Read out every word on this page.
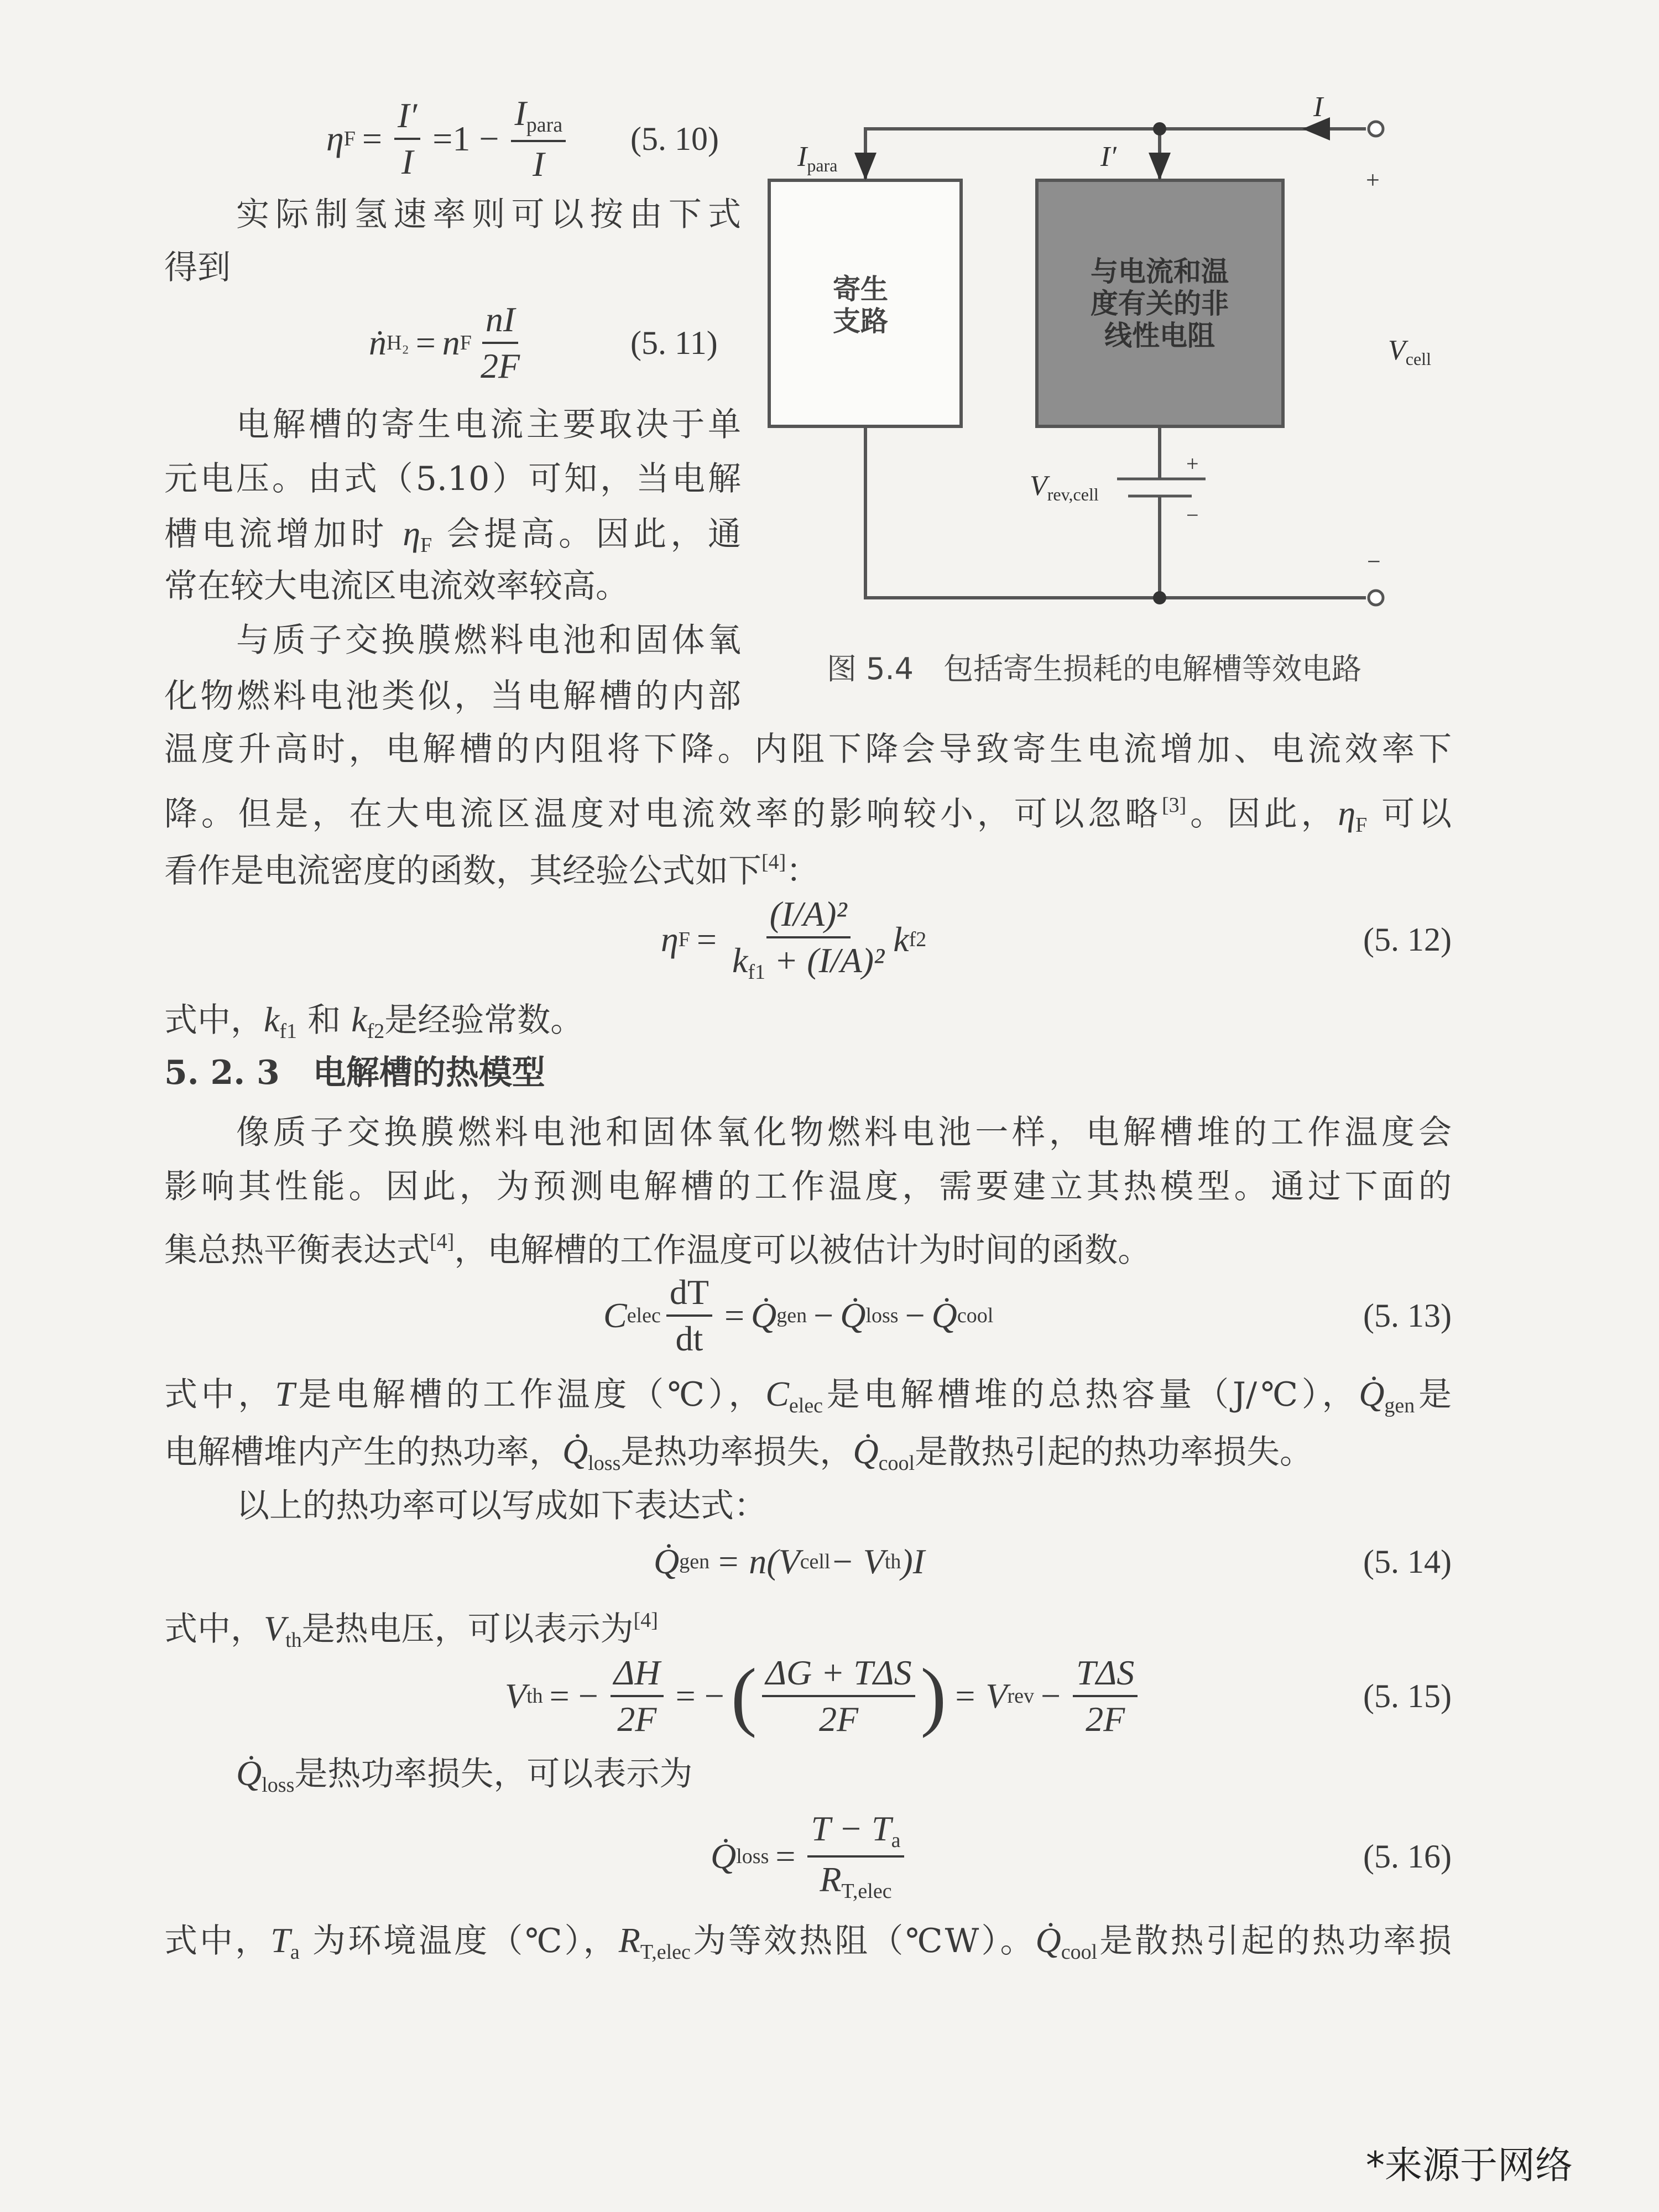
I
Ipara	I′
+
Vcell
−
Vrev,cell
+
−
寄生
支路
与电流和温
度有关的非
线性电阻
图 5.4　包括寄生损耗的电解槽等效电路
η $F = \frac{I'}{I} =1 - \frac{\text{Ipara}}{I} (5$. 10)
ṅ H₂ = n F $\frac{nI}{2F}$	(5. 11)
η $F = \frac{\text{(I/A)²}}{\text{kf1 + (I/A)²}}$ k f2	(5. 12)
C elec $\frac{dT}{dt}$ = Q̇ gen − Q̇ loss − Q̇ cool	(5. 13)
Q̇ gen = n(V cell − V th )I	(5. 14)
V th = − $\frac{\Delta H}{2F}$ = − ( $\frac{\text{ΔG + TΔS}}{2F}$ ) = V rev − $\frac{\text{TΔS}}{2F}$	(5. 15)
Q̇ loss = $\frac{T - Ta}{\text{RT,elec}}$	(5. 16)
实际制氢速率则可以按由下式
得到
电解槽的寄生电流主要取决于单
元电压。由式（5.10）可知，当电解
槽电流增加时 ηF 会提高。因此，通
常在较大电流区电流效率较高。
与质子交换膜燃料电池和固体氧
化物燃料电池类似，当电解槽的内部
温度升高时，电解槽的内阻将下降。内阻下降会导致寄生电流增加、电流效率下
降。但是，在大电流区温度对电流效率的影响较小，可以忽略[3]。因此，ηF 可以
看作是电流密度的函数，其经验公式如下[4]：
式中，kf1 和 kf2是经验常数。
5. 2. 3　电解槽的热模型
像质子交换膜燃料电池和固体氧化物燃料电池一样，电解槽堆的工作温度会
影响其性能。因此，为预测电解槽的工作温度，需要建立其热模型。通过下面的
集总热平衡表达式[4]，电解槽的工作温度可以被估计为时间的函数。
式中，T是电解槽的工作温度（℃），Celec是电解槽堆的总热容量（J/℃），Q̇gen是
电解槽堆内产生的热功率，Q̇loss是热功率损失，Q̇cool是散热引起的热功率损失。
以上的热功率可以写成如下表达式：
式中，Vth是热电压，可以表示为[4]
Q̇loss是热功率损失，可以表示为
式中，Ta 为环境温度（℃），RT,elec为等效热阻（℃W）。Q̇cool是散热引起的热功率损
*来源于网络
